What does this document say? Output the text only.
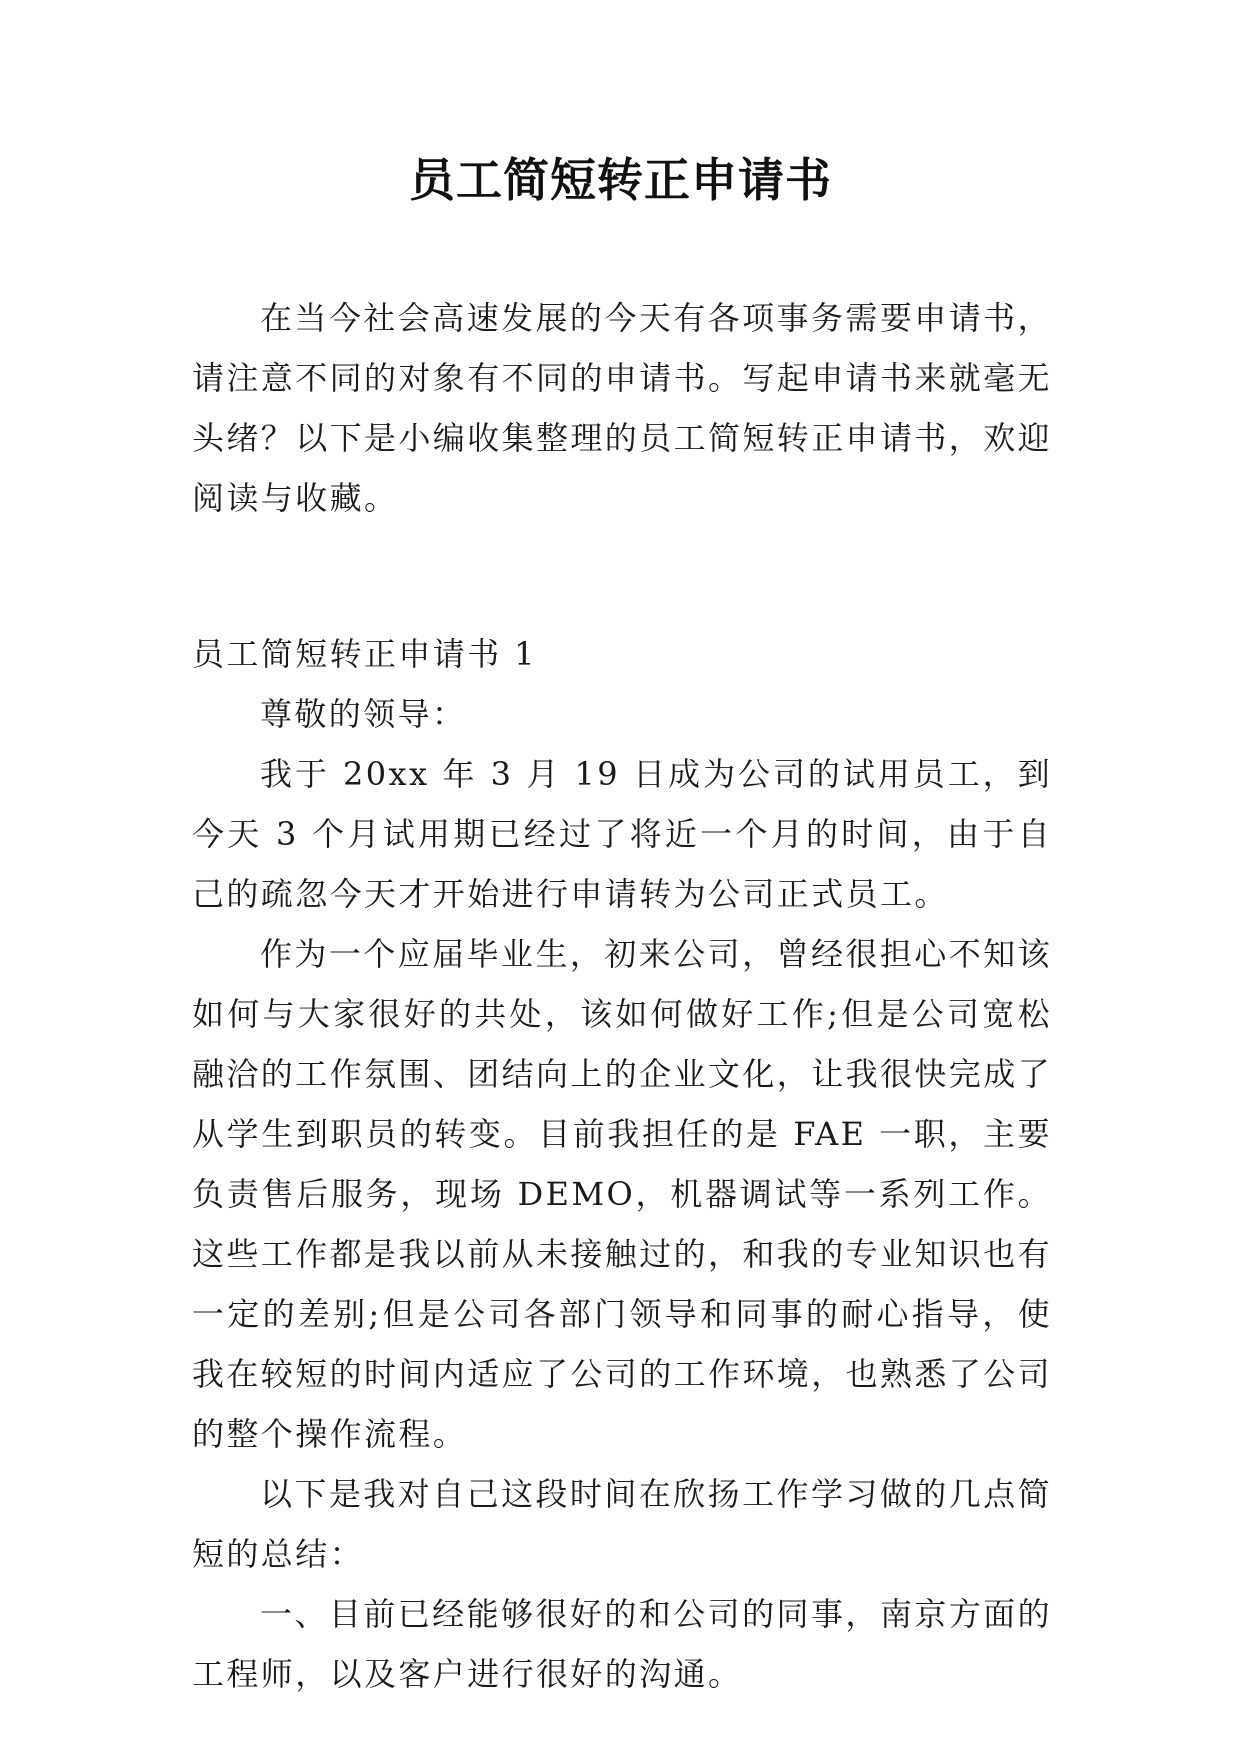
员工简短转正申请书

在当今社会高速发展的今天有各项事务需要申请书，请注意不同的对象有不同的申请书。写起申请书来就毫无头绪？以下是小编收集整理的员工简短转正申请书，欢迎阅读与收藏。

员工简短转正申请书 1

尊敬的领导：

我于 20xx 年 3 月 19 日成为公司的试用员工，到今天 3 个月试用期已经过了将近一个月的时间，由于自己的疏忽今天才开始进行申请转为公司正式员工。

作为一个应届毕业生，初来公司，曾经很担心不知该如何与大家很好的共处，该如何做好工作;但是公司宽松融洽的工作氛围、团结向上的企业文化，让我很快完成了从学生到职员的转变。目前我担任的是 FAE 一职，主要负责售后服务，现场 DEMO，机器调试等一系列工作。这些工作都是我以前从未接触过的，和我的专业知识也有一定的差别;但是公司各部门领导和同事的耐心指导，使我在较短的时间内适应了公司的工作环境，也熟悉了公司的整个操作流程。

以下是我对自己这段时间在欣扬工作学习做的几点简短的总结：

一、目前已经能够很好的和公司的同事，南京方面的工程师，以及客户进行很好的沟通。
